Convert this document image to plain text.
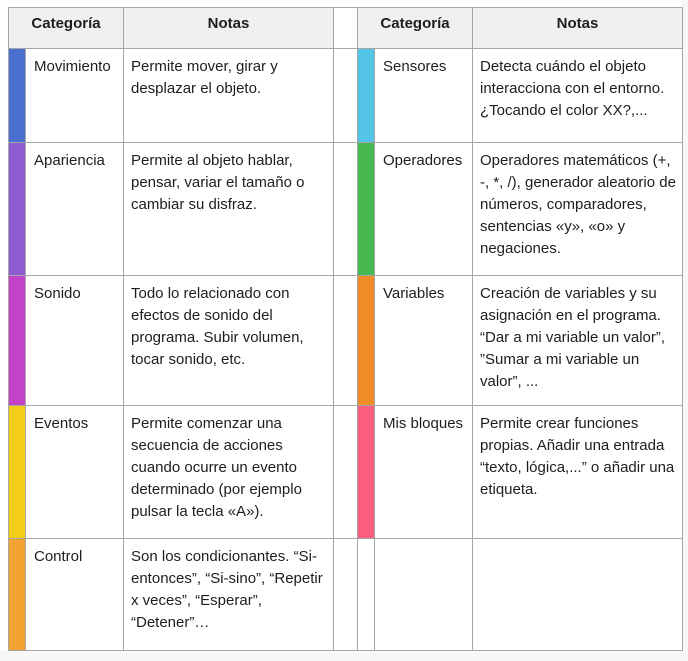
Categoría		Notas		Categoría		Notas
	Movimiento	Permite mover, girar y desplazar el objeto.			Sensores	Detecta cuándo el objeto interacciona con el entorno. ¿Tocando el color XX?,...
	Apariencia	Permite al objeto hablar, pensar, variar el tamaño o cambiar su disfraz.			Operadores	Operadores matemáticos (+, -, *, /), generador aleatorio de números, comparadores, sentencias «y», «o» y negaciones.
	Sonido	Todo lo relacionado con efectos de sonido del programa. Subir volumen, tocar sonido, etc.			Variables	Creación de variables y su asignación en el programa. “Dar a mi variable un valor”, ”Sumar a mi variable un valor”, ...
	Eventos	Permite comenzar una secuencia de acciones cuando ocurre un evento determinado (por ejemplo pulsar la tecla «A»).			Mis bloques	Permite crear funciones propias. Añadir una entrada “texto, lógica,...” o añadir una etiqueta.
	Control	Son los condicionantes. “Si-entonces”, “Si-sino”, “Repetir x veces”, “Esperar”, “Detener”…				
